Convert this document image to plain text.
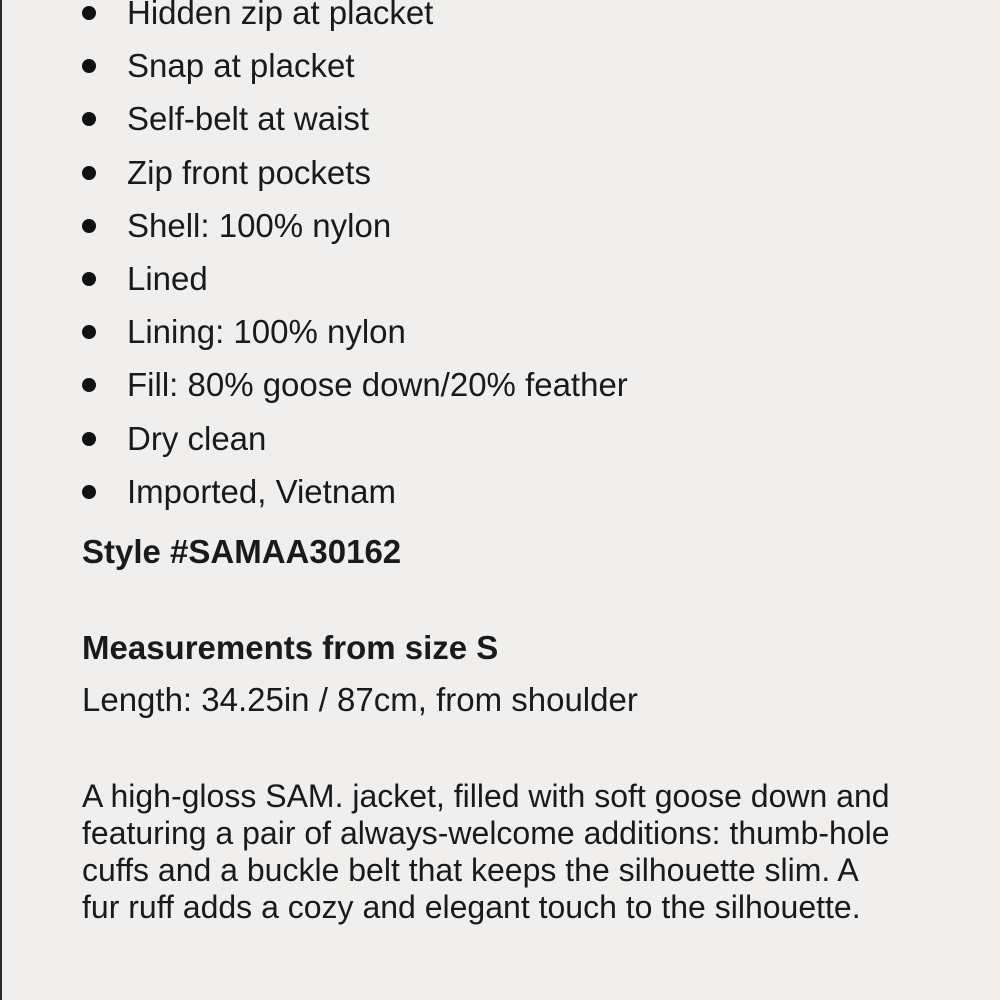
Hidden zip at placket
Snap at placket
Self-belt at waist
Zip front pockets
Shell: 100% nylon
Lined
Lining: 100% nylon
Fill: 80% goose down/20% feather
Dry clean
Imported, Vietnam
Style #SAMAA30162
Measurements from size S
Length: 34.25in / 87cm, from shoulder
A high-gloss SAM. jacket, filled with soft goose down and featuring a pair of always-welcome additions: thumb-hole cuffs and a buckle belt that keeps the silhouette slim. A fur ruff adds a cozy and elegant touch to the silhouette.
